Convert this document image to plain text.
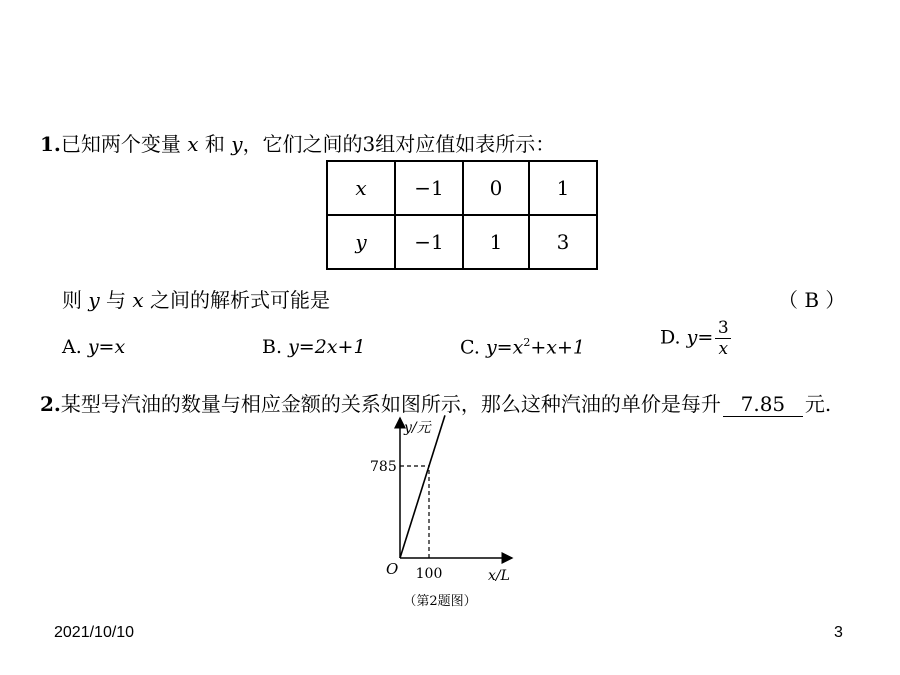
1.已知两个变量 x 和 y，它们之间的3组对应值如表所示：
x	−1	0	1
y	−1	1	3
则 y 与 x 之间的解析式可能是	（ B ）
A. y=x	B. y=2x+1	C. $y=x^2+x+1$	D. $y= \frac{3}{x}$
2.某型号汽油的数量与相应金额的关系如图所示，那么这种汽油的单价是每升 7.85 元.
y/元
x/L
O 100
785
（第2题图）
2021/10/10	3
